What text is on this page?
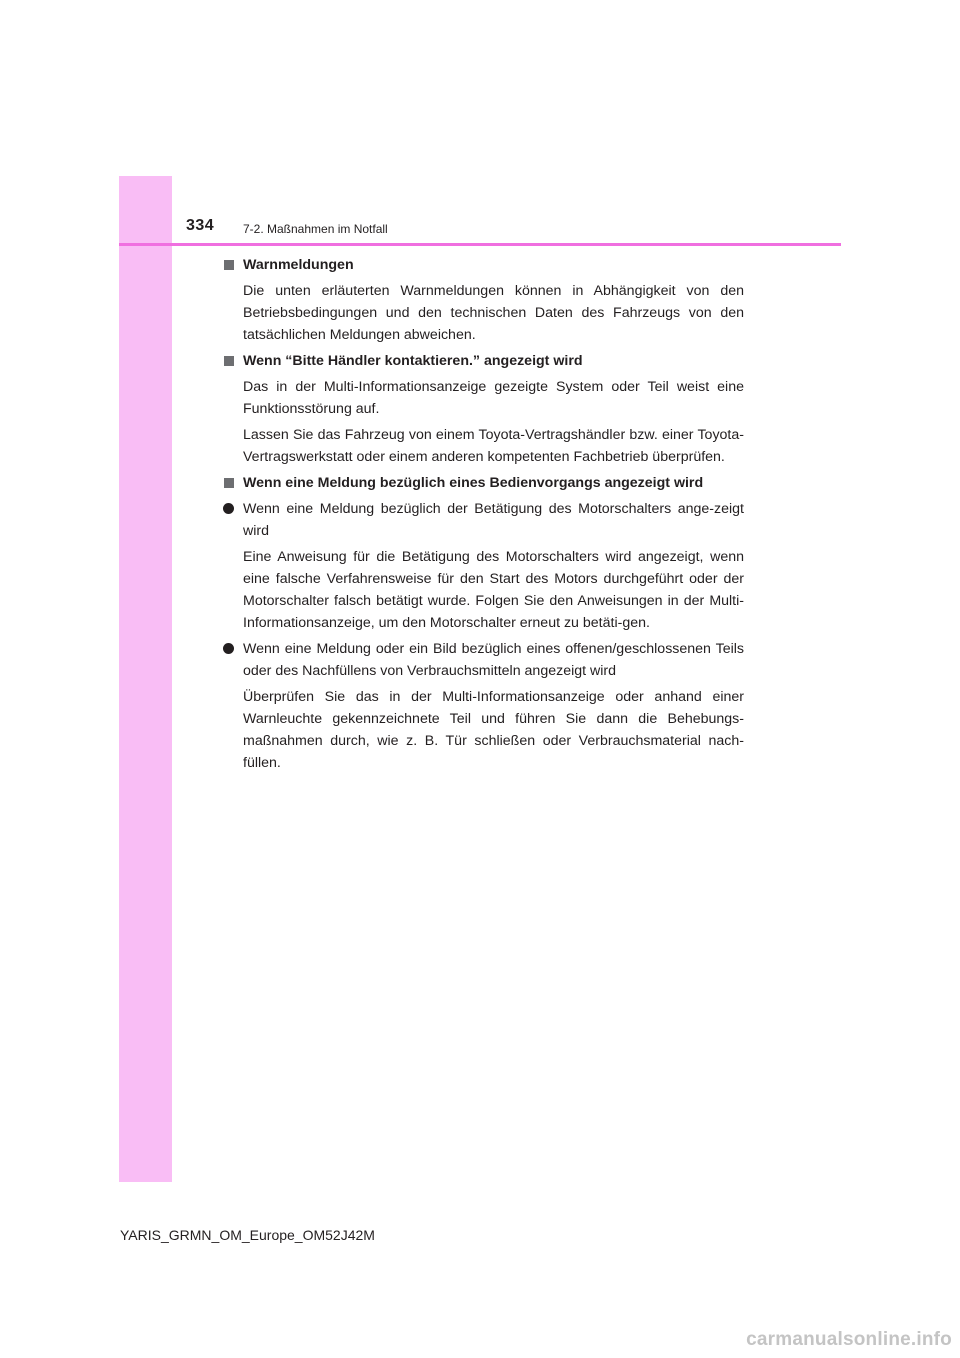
334 7-2. Maßnahmen im Notfall
Warnmeldungen
Die unten erläuterten Warnmeldungen können in Abhängigkeit von den Betriebsbedingungen und den technischen Daten des Fahrzeugs von den tatsächlichen Meldungen abweichen.
Wenn “Bitte Händler kontaktieren.” angezeigt wird
Das in der Multi-Informationsanzeige gezeigte System oder Teil weist eine Funktionsstörung auf.
Lassen Sie das Fahrzeug von einem Toyota-Vertragshändler bzw. einer Toyota-Vertragswerkstatt oder einem anderen kompetenten Fachbetrieb überprüfen.
Wenn eine Meldung bezüglich eines Bedienvorgangs angezeigt wird
Wenn eine Meldung bezüglich der Betätigung des Motorschalters ange-zeigt wird
Eine Anweisung für die Betätigung des Motorschalters wird angezeigt, wenn eine falsche Verfahrensweise für den Start des Motors durchgeführt oder der Motorschalter falsch betätigt wurde. Folgen Sie den Anweisungen in der Multi-Informationsanzeige, um den Motorschalter erneut zu betäti-gen.
Wenn eine Meldung oder ein Bild bezüglich eines offenen/geschlossenen Teils oder des Nachfüllens von Verbrauchsmitteln angezeigt wird
Überprüfen Sie das in der Multi-Informationsanzeige oder anhand einer Warnleuchte gekennzeichnete Teil und führen Sie dann die Behebungs-maßnahmen durch, wie z. B. Tür schließen oder Verbrauchsmaterial nach-füllen.
YARIS_GRMN_OM_Europe_OM52J42M
carmanualsonline.info
